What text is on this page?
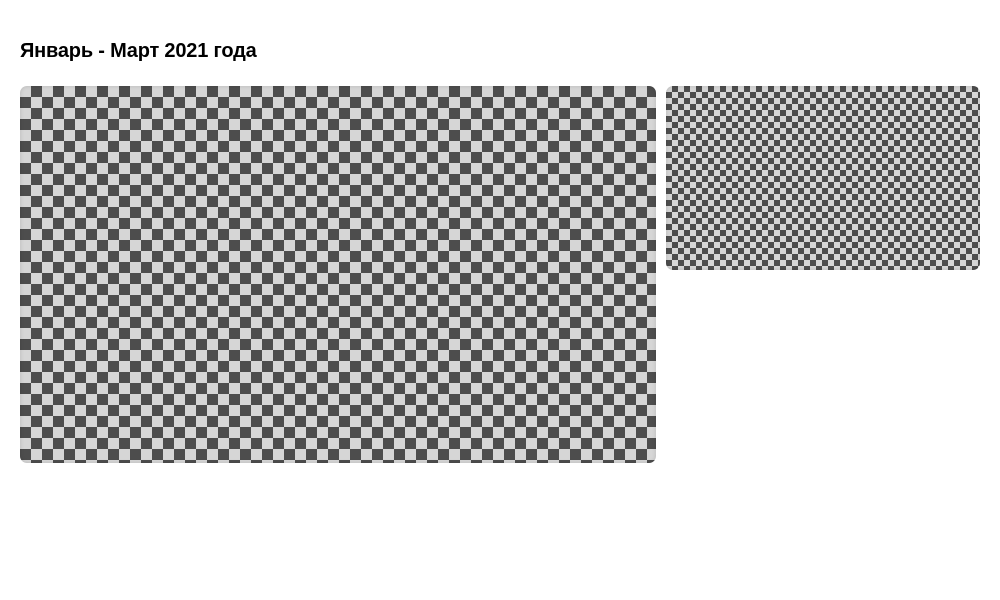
Январь - Март 2021 года
